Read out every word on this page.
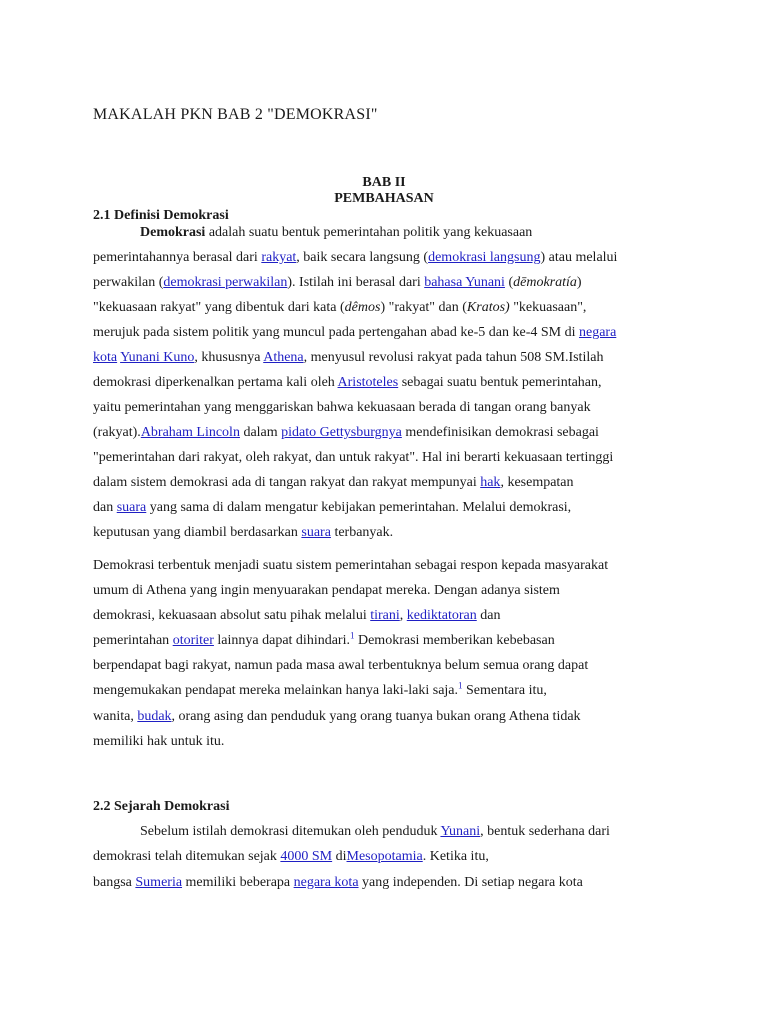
MAKALAH PKN BAB 2 "DEMOKRASI"

BAB II

PEMBAHASAN

2.1 Definisi Demokrasi

Demokrasi adalah suatu bentuk pemerintahan politik yang kekuasaan

pemerintahannya berasal dari rakyat, baik secara langsung (demokrasi langsung) atau melalui

perwakilan (demokrasi perwakilan). Istilah ini berasal dari bahasa Yunani (dēmokratía)

"kekuasaan rakyat" yang dibentuk dari kata (dêmos) "rakyat" dan (Kratos) "kekuasaan",

merujuk pada sistem politik yang muncul pada pertengahan abad ke-5 dan ke-4 SM di negara

kota Yunani Kuno, khususnya Athena, menyusul revolusi rakyat pada tahun 508 SM.Istilah

demokrasi diperkenalkan pertama kali oleh Aristoteles sebagai suatu bentuk pemerintahan,

yaitu pemerintahan yang menggariskan bahwa kekuasaan berada di tangan orang banyak

(rakyat).Abraham Lincoln dalam pidato Gettysburgnya mendefinisikan demokrasi sebagai

"pemerintahan dari rakyat, oleh rakyat, dan untuk rakyat". Hal ini berarti kekuasaan tertinggi

dalam sistem demokrasi ada di tangan rakyat dan rakyat mempunyai hak, kesempatan

dan suara yang sama di dalam mengatur kebijakan pemerintahan. Melalui demokrasi,

keputusan yang diambil berdasarkan suara terbanyak.

Demokrasi terbentuk menjadi suatu sistem pemerintahan sebagai respon kepada masyarakat

umum di Athena yang ingin menyuarakan pendapat mereka. Dengan adanya sistem

demokrasi, kekuasaan absolut satu pihak melalui tirani, kediktatoran dan

pemerintahan otoriter lainnya dapat dihindari.$^1$ Demokrasi memberikan kebebasan

berpendapat bagi rakyat, namun pada masa awal terbentuknya belum semua orang dapat

mengemukakan pendapat mereka melainkan hanya laki-laki saja.$^1$ Sementara itu,

wanita, budak, orang asing dan penduduk yang orang tuanya bukan orang Athena tidak

memiliki hak untuk itu.

2.2 Sejarah Demokrasi

Sebelum istilah demokrasi ditemukan oleh penduduk Yunani, bentuk sederhana dari

demokrasi telah ditemukan sejak 4000 SM diMesopotamia. Ketika itu,

bangsa Sumeria memiliki beberapa negara kota yang independen. Di setiap negara kota
